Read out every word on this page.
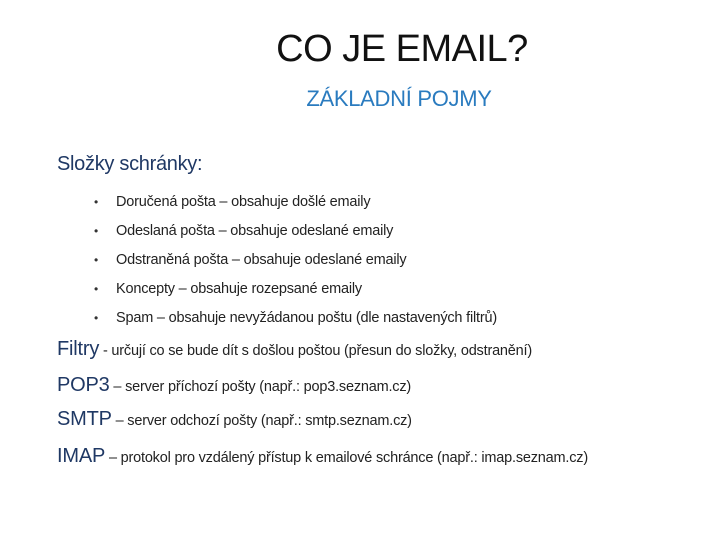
CO JE EMAIL?
ZÁKLADNÍ POJMY
Složky schránky:
• Doručená pošta – obsahuje došlé emaily
• Odeslaná pošta – obsahuje odeslané emaily
• Odstraněná pošta – obsahuje odeslané emaily
• Koncepty – obsahuje rozepsané emaily
• Spam – obsahuje nevyžádanou poštu (dle nastavených filtrů)
Filtry - určují co se bude dít s došlou poštou (přesun do složky, odstranění)
POP3 – server příchozí pošty (např.: pop3.seznam.cz)
SMTP – server odchozí pošty (např.: smtp.seznam.cz)
IMAP – protokol pro vzdálený přístup k emailové schránce (např.: imap.seznam.cz)
